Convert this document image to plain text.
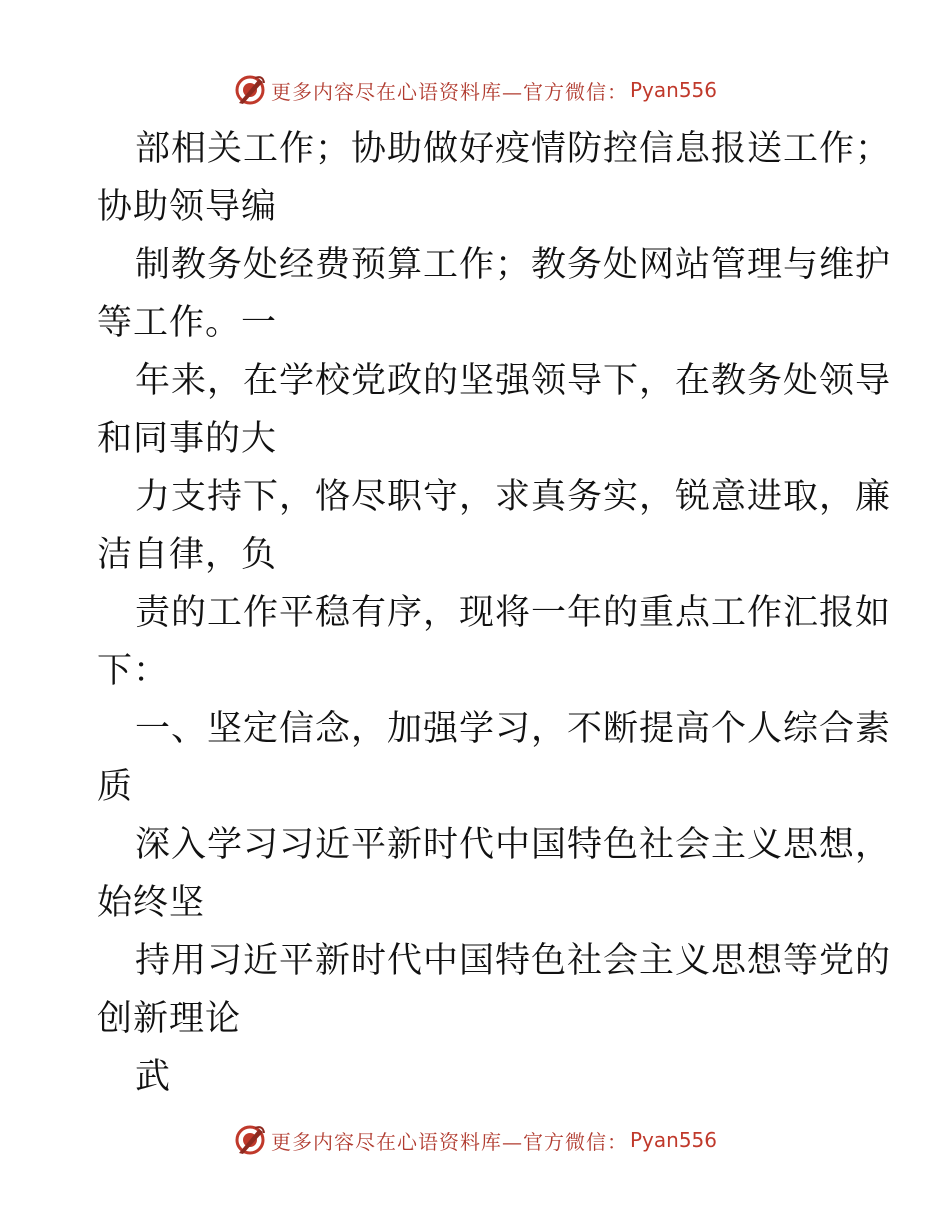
更多内容尽在心语资料库—官方微信： Pyan556
部相关工作；协助做好疫情防控信息报送工作；
协助领导编
制教务处经费预算工作；教务处网站管理与维护
等工作。一
年来，在学校党政的坚强领导下，在教务处领导
和同事的大
力支持下，恪尽职守，求真务实，锐意进取，廉
洁自律，负
责的工作平稳有序，现将一年的重点工作汇报如
下：
一、坚定信念，加强学习，不断提高个人综合素
质
深入学习习近平新时代中国特色社会主义思想，
始终坚
持用习近平新时代中国特色社会主义思想等党的
创新理论
武
更多内容尽在心语资料库—官方微信： Pyan556
